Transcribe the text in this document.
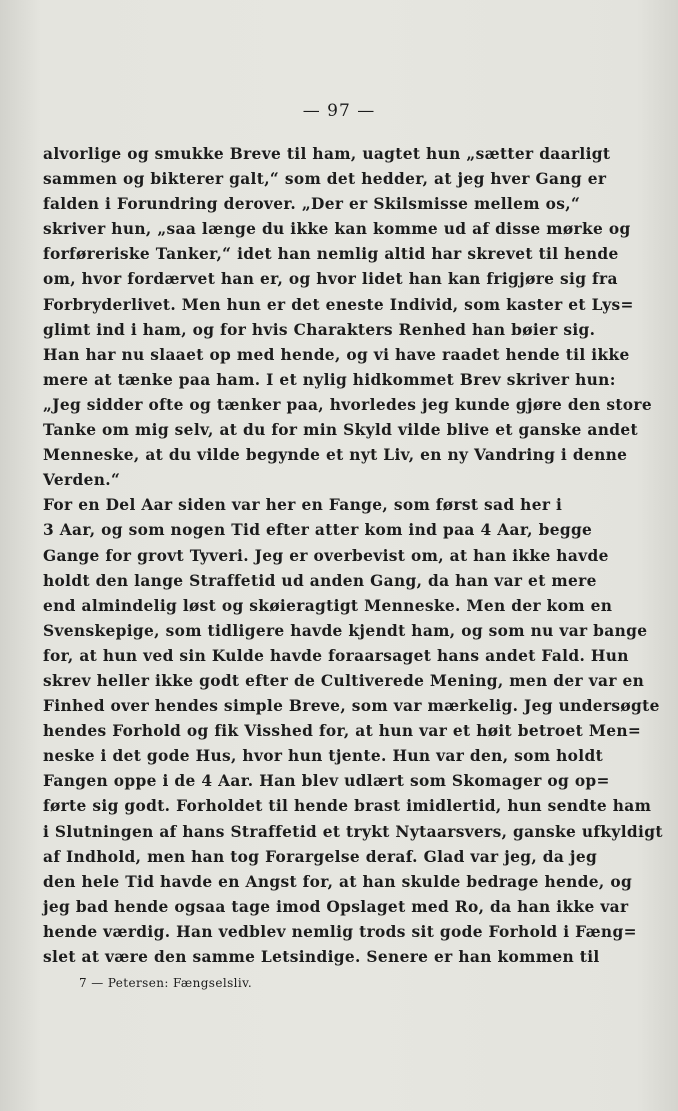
— 97 —
alvorlige og smukke Breve til ham, uagtet hun „sætter daarligt
sammen og bikterer galt,“ som det hedder, at jeg hver Gang er
falden i Forundring derover. „Der er Skilsmisse mellem os,“
skriver hun, „saa længe du ikke kan komme ud af disse mørke og
forføreriske Tanker,“ idet han nemlig altid har skrevet til hende
om, hvor fordærvet han er, og hvor lidet han kan frigjøre sig fra
Forbryderlivet. Men hun er det eneste Individ, som kaster et Lys=
glimt ind i ham, og for hvis Charakters Renhed han bøier sig.
Han har nu slaaet op med hende, og vi have raadet hende til ikke
mere at tænke paa ham. I et nylig hidkommet Brev skriver hun:
„Jeg sidder ofte og tænker paa, hvorledes jeg kunde gjøre den store
Tanke om mig selv, at du for min Skyld vilde blive et ganske andet
Menneske, at du vilde begynde et nyt Liv, en ny Vandring i denne
Verden.“
For en Del Aar siden var her en Fange, som først sad her i
3 Aar, og som nogen Tid efter atter kom ind paa 4 Aar, begge
Gange for grovt Tyveri. Jeg er overbevist om, at han ikke havde
holdt den lange Straffetid ud anden Gang, da han var et mere
end almindelig løst og skøieragtigt Menneske. Men der kom en
Svenskepige, som tidligere havde kjendt ham, og som nu var bange
for, at hun ved sin Kulde havde foraarsaget hans andet Fald. Hun
skrev heller ikke godt efter de Cultiverede Mening, men der var en
Finhed over hendes simple Breve, som var mærkelig. Jeg undersøgte
hendes Forhold og fik Visshed for, at hun var et høit betroet Men=
neske i det gode Hus, hvor hun tjente. Hun var den, som holdt
Fangen oppe i de 4 Aar. Han blev udlært som Skomager og op=
førte sig godt. Forholdet til hende brast imidlertid, hun sendte ham
i Slutningen af hans Straffetid et trykt Nytaarsvers, ganske ufkyldigt
af Indhold, men han tog Forargelse deraf. Glad var jeg, da jeg
den hele Tid havde en Angst for, at han skulde bedrage hende, og
jeg bad hende ogsaa tage imod Opslaget med Ro, da han ikke var
hende værdig. Han vedblev nemlig trods sit gode Forhold i Fæng=
slet at være den samme Letsindige. Senere er han kommen til
7 — Petersen: Fængselsliv.
